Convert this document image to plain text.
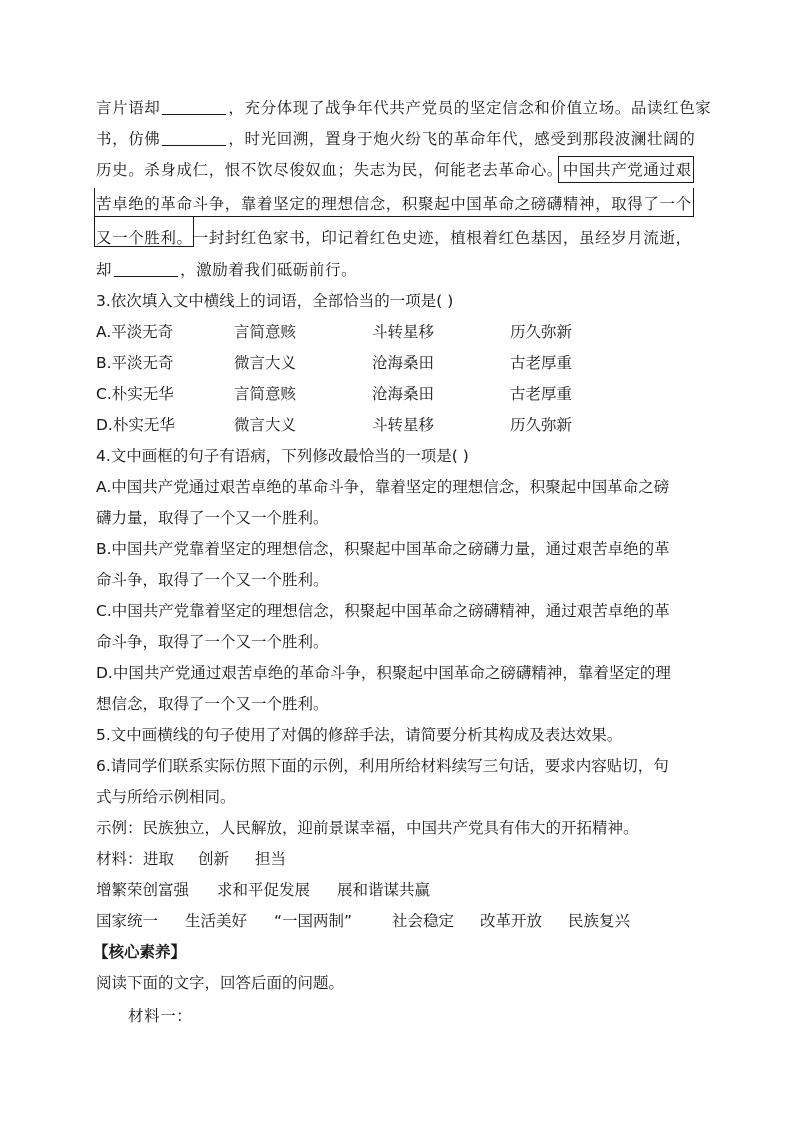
言片语却	，充分体现了战争年代共产党员的坚定信念和价值立场。品读红色家
书，仿佛	，时光回溯，置身于炮火纷飞的革命年代，感受到那段波澜壮阔的
历史。杀身成仁，恨不饮尽俊奴血；失志为民，何能老去革命心。中国共产党通过艰
苦卓绝的革命斗争，靠着坚定的理想信念，积聚起中国革命之磅礴精神，取得了一个
又一个胜利。一封封红色家书，印记着红色史迹，植根着红色基因，虽经岁月流逝，
却	，激励着我们砥砺前行。
3.依次填入文中横线上的词语，全部恰当的一项是( )
A.平淡无奇	言简意赅	斗转星移	历久弥新
B.平淡无奇	微言大义	沧海桑田	古老厚重
C.朴实无华	言简意赅	沧海桑田	古老厚重
D.朴实无华	微言大义	斗转星移	历久弥新
4.文中画框的句子有语病，下列修改最恰当的一项是( )
A.中国共产党通过艰苦卓绝的革命斗争，靠着坚定的理想信念，积聚起中国革命之磅
礴力量，取得了一个又一个胜利。
B.中国共产党靠着坚定的理想信念，积聚起中国革命之磅礴力量，通过艰苦卓绝的革
命斗争，取得了一个又一个胜利。
C.中国共产党靠着坚定的理想信念，积聚起中国革命之磅礴精神，通过艰苦卓绝的革
命斗争，取得了一个又一个胜利。
D.中国共产党通过艰苦卓绝的革命斗争，积聚起中国革命之磅礴精神，靠着坚定的理
想信念，取得了一个又一个胜利。
5.文中画横线的句子使用了对偶的修辞手法，请简要分析其构成及表达效果。
6.请同学们联系实际仿照下面的示例，利用所给材料续写三句话，要求内容贴切，句
式与所给示例相同。
示例：民族独立，人民解放，迎前景谋幸福，中国共产党具有伟大的开拓精神。
材料： 进取 创新 担当
增繁荣创富强 求和平促发展 展和谐谋共赢
国家统一 生活美好 “一国两制”	社会稳定 改革开放 民族复兴
【核心素养】
阅读下面的文字，回答后面的问题。
材料一：
